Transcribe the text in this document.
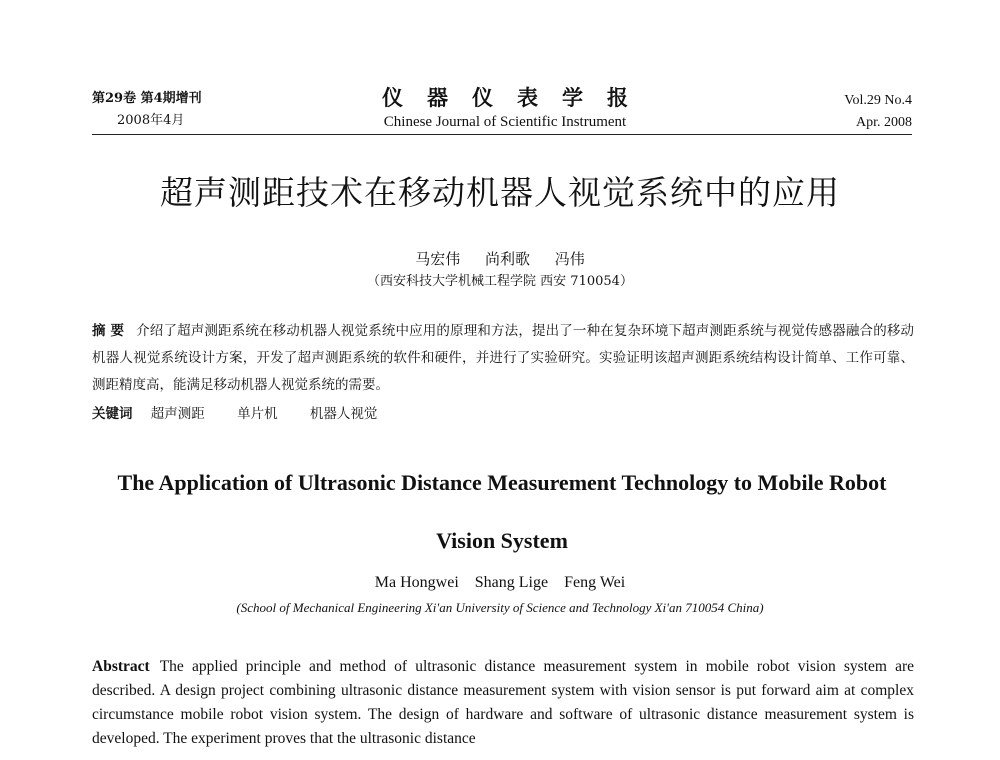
第29卷 第4期增刊
2008年4月
仪器仪表学报
Chinese Journal of Scientific Instrument
Vol.29 No.4
Apr. 2008
超声测距技术在移动机器人视觉系统中的应用
马宏伟 尚利歌 冯伟
（西安科技大学机械工程学院 西安 710054）
摘 要 介绍了超声测距系统在移动机器人视觉系统中应用的原理和方法，提出了一种在复杂环境下超声测距系统与视觉传感器融合的移动机器人视觉系统设计方案，开发了超声测距系统的软件和硬件，并进行了实验研究。实验证明该超声测距系统结构设计简单、工作可靠、测距精度高，能满足移动机器人视觉系统的需要。
关键词 超声测距 单片机 机器人视觉
The Application of Ultrasonic Distance Measurement Technology to Mobile Robot Vision System
Ma Hongwei Shang Lige Feng Wei
(School of Mechanical Engineering Xi'an University of Science and Technology Xi'an 710054 China)
Abstract The applied principle and method of ultrasonic distance measurement system in mobile robot vision system are described. A design project combining ultrasonic distance measurement system with vision sensor is put forward aim at complex circumstance mobile robot vision system. The design of hardware and software of ultrasonic distance measurement system is developed. The experiment proves that the ultrasonic distance
